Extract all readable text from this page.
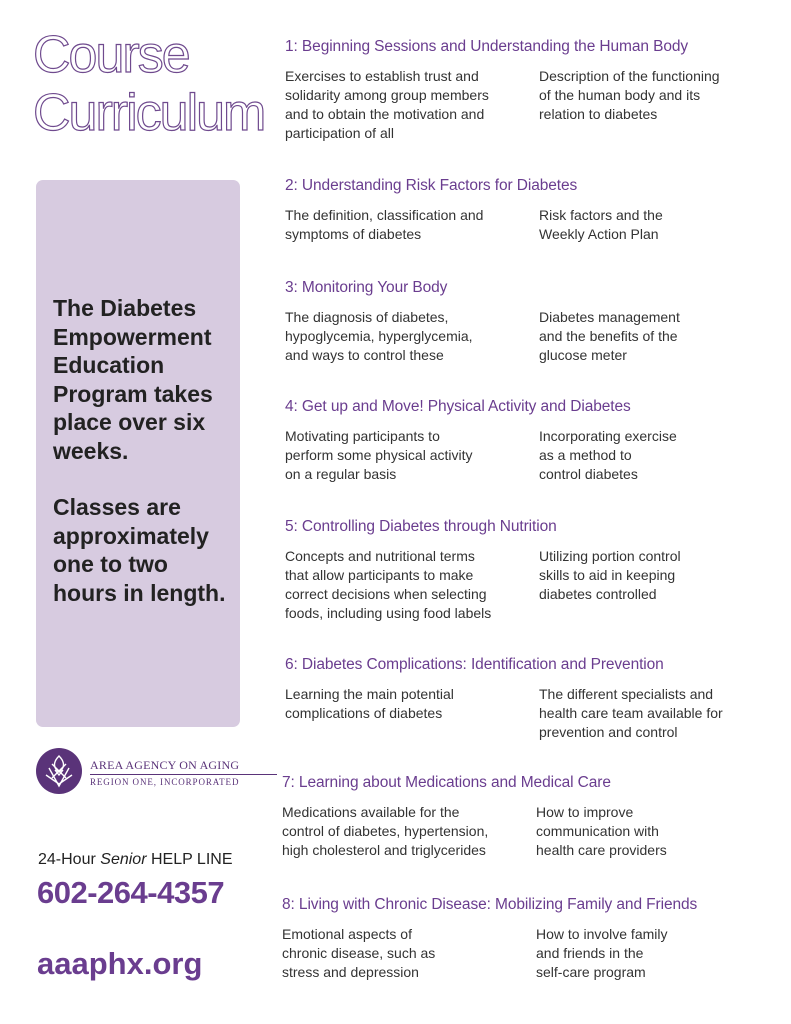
Course
Curriculum

The Diabetes Empowerment Education Program takes place over six weeks.

Classes are approximately one to two hours in length.

AREA AGENCY ON AGING
REGION ONE, INCORPORATED

24-Hour Senior HELP LINE

602-264-4357
aaaphx.org
1: Beginning Sessions and Understanding the Human Body
Exercises to establish trust and
solidarity among group members
and to obtain the motivation and
participation of all
Description of the functioning
of the human body and its
relation to diabetes
2: Understanding Risk Factors for Diabetes
The definition, classification and
symptoms of diabetes
Risk factors and the
Weekly Action Plan
3: Monitoring Your Body
The diagnosis of diabetes,
hypoglycemia, hyperglycemia,
and ways to control these
Diabetes management
and the benefits of the
glucose meter
4: Get up and Move! Physical Activity and Diabetes
Motivating participants to
perform some physical activity
on a regular basis
Incorporating exercise
as a method to
control diabetes
5: Controlling Diabetes through Nutrition
Concepts and nutritional terms
that allow participants to make
correct decisions when selecting
foods, including using food labels
Utilizing portion control
skills to aid in keeping
diabetes controlled
6: Diabetes Complications: Identification and Prevention
Learning the main potential
complications of diabetes
The different specialists and
health care team available for
prevention and control
7: Learning about Medications and Medical Care
Medications available for the
control of diabetes, hypertension,
high cholesterol and triglycerides
How to improve
communication with
health care providers
8: Living with Chronic Disease: Mobilizing Family and Friends
Emotional aspects of
chronic disease, such as
stress and depression
How to involve family
and friends in the
self-care program
